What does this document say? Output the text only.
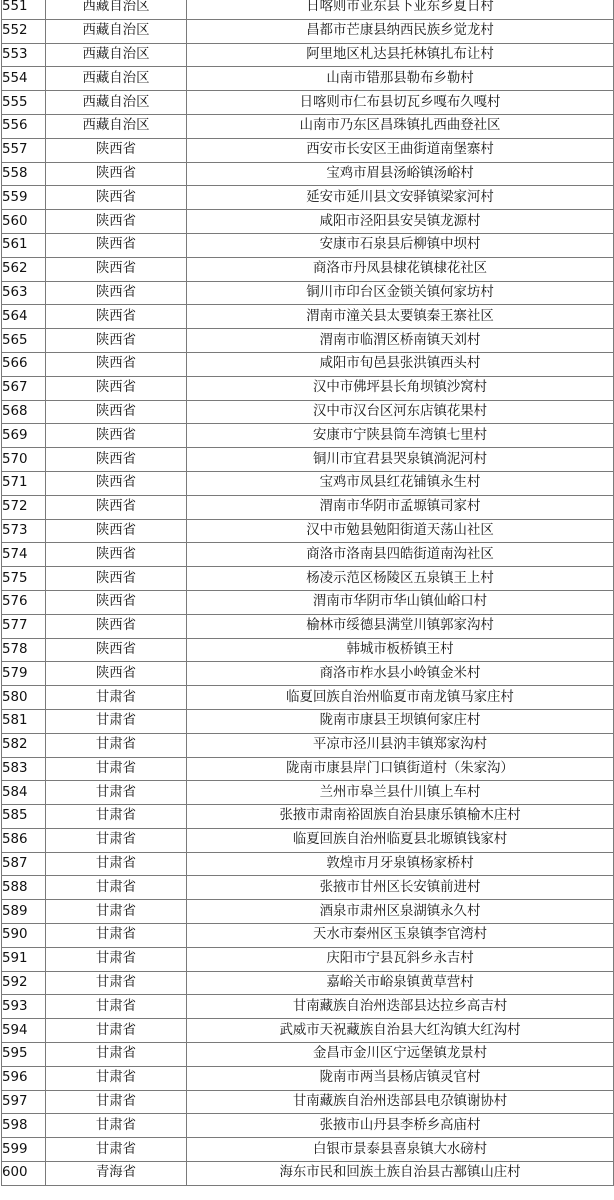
551	西藏自治区	日喀则市亚东县下亚东乡夏日村
552	西藏自治区	昌都市芒康县纳西民族乡觉龙村
553	西藏自治区	阿里地区札达县托林镇扎布让村
554	西藏自治区	山南市错那县勒布乡勒村
555	西藏自治区	日喀则市仁布县切瓦乡嘎布久嘎村
556	西藏自治区	山南市乃东区昌珠镇扎西曲登社区
557	陕西省	西安市长安区王曲街道南堡寨村
558	陕西省	宝鸡市眉县汤峪镇汤峪村
559	陕西省	延安市延川县文安驿镇梁家河村
560	陕西省	咸阳市泾阳县安吴镇龙源村
561	陕西省	安康市石泉县后柳镇中坝村
562	陕西省	商洛市丹凤县棣花镇棣花社区
563	陕西省	铜川市印台区金锁关镇何家坊村
564	陕西省	渭南市潼关县太要镇秦王寨社区
565	陕西省	渭南市临渭区桥南镇天刘村
566	陕西省	咸阳市旬邑县张洪镇西头村
567	陕西省	汉中市佛坪县长角坝镇沙窝村
568	陕西省	汉中市汉台区河东店镇花果村
569	陕西省	安康市宁陕县筒车湾镇七里村
570	陕西省	铜川市宜君县哭泉镇淌泥河村
571	陕西省	宝鸡市凤县红花铺镇永生村
572	陕西省	渭南市华阴市孟塬镇司家村
573	陕西省	汉中市勉县勉阳街道天荡山社区
574	陕西省	商洛市洛南县四皓街道南沟社区
575	陕西省	杨凌示范区杨陵区五泉镇王上村
576	陕西省	渭南市华阴市华山镇仙峪口村
577	陕西省	榆林市绥德县满堂川镇郭家沟村
578	陕西省	韩城市板桥镇王村
579	陕西省	商洛市柞水县小岭镇金米村
580	甘肃省	临夏回族自治州临夏市南龙镇马家庄村
581	甘肃省	陇南市康县王坝镇何家庄村
582	甘肃省	平凉市泾川县汭丰镇郑家沟村
583	甘肃省	陇南市康县岸门口镇街道村（朱家沟）
584	甘肃省	兰州市皋兰县什川镇上车村
585	甘肃省	张掖市肃南裕固族自治县康乐镇榆木庄村
586	甘肃省	临夏回族自治州临夏县北塬镇钱家村
587	甘肃省	敦煌市月牙泉镇杨家桥村
588	甘肃省	张掖市甘州区长安镇前进村
589	甘肃省	酒泉市肃州区泉湖镇永久村
590	甘肃省	天水市秦州区玉泉镇李官湾村
591	甘肃省	庆阳市宁县瓦斜乡永吉村
592	甘肃省	嘉峪关市峪泉镇黄草营村
593	甘肃省	甘南藏族自治州迭部县达拉乡高吉村
594	甘肃省	武威市天祝藏族自治县大红沟镇大红沟村
595	甘肃省	金昌市金川区宁远堡镇龙景村
596	甘肃省	陇南市两当县杨店镇灵官村
597	甘肃省	甘南藏族自治州迭部县电尕镇谢协村
598	甘肃省	张掖市山丹县李桥乡高庙村
599	甘肃省	白银市景泰县喜泉镇大水磅村
600	青海省	海东市民和回族土族自治县古鄯镇山庄村
